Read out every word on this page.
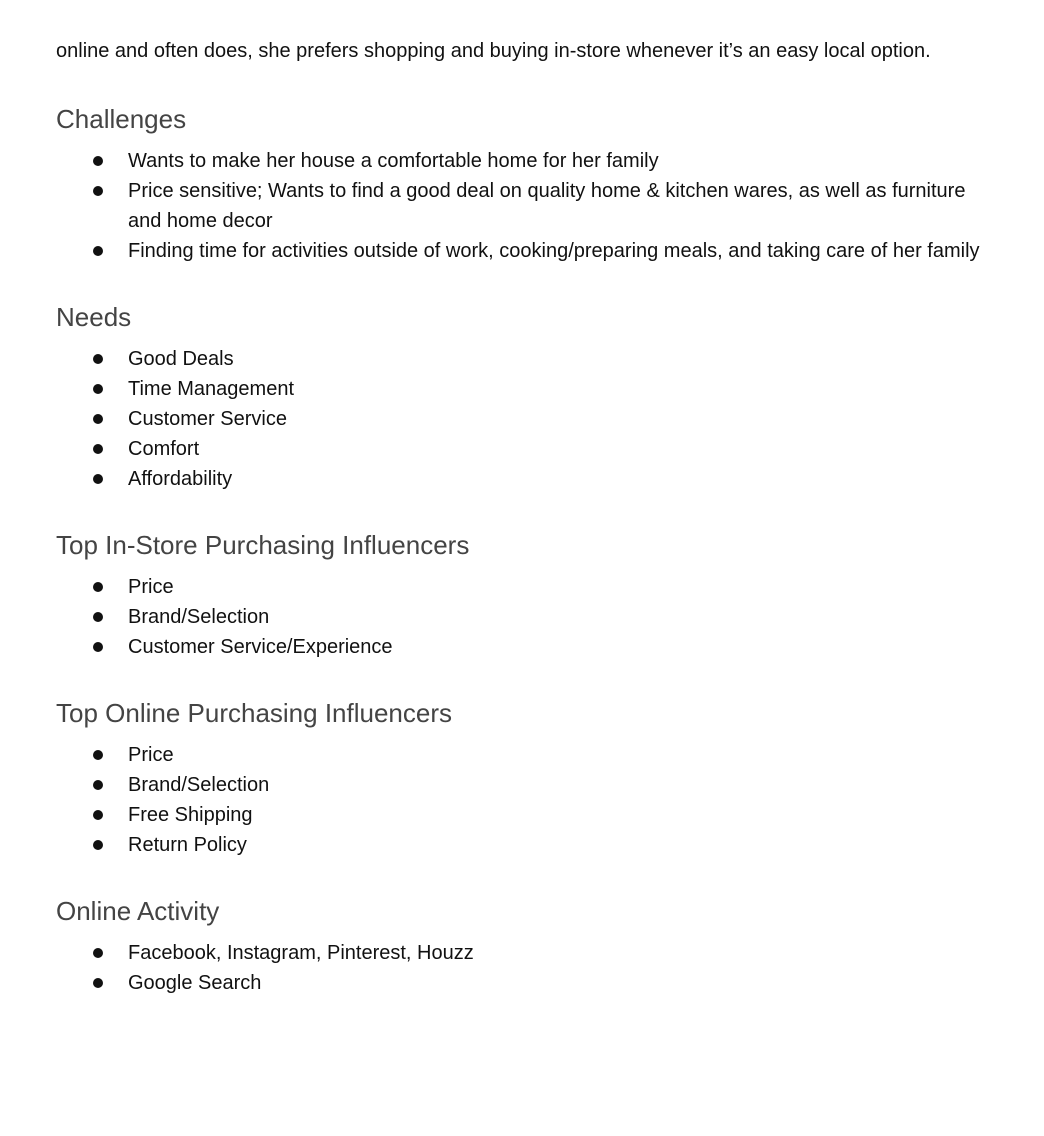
online and often does, she prefers shopping and buying in-store whenever it’s an easy local option.

Challenges
Wants to make her house a comfortable home for her family
Price sensitive; Wants to find a good deal on quality home & kitchen wares, as well as furniture and home decor
Finding time for activities outside of work, cooking/preparing meals, and taking care of her family
Needs
Good Deals
Time Management
Customer Service
Comfort
Affordability
Top In-Store Purchasing Influencers
Price
Brand/Selection
Customer Service/Experience
Top Online Purchasing Influencers
Price
Brand/Selection
Free Shipping
Return Policy
Online Activity
Facebook, Instagram, Pinterest, Houzz
Google Search
